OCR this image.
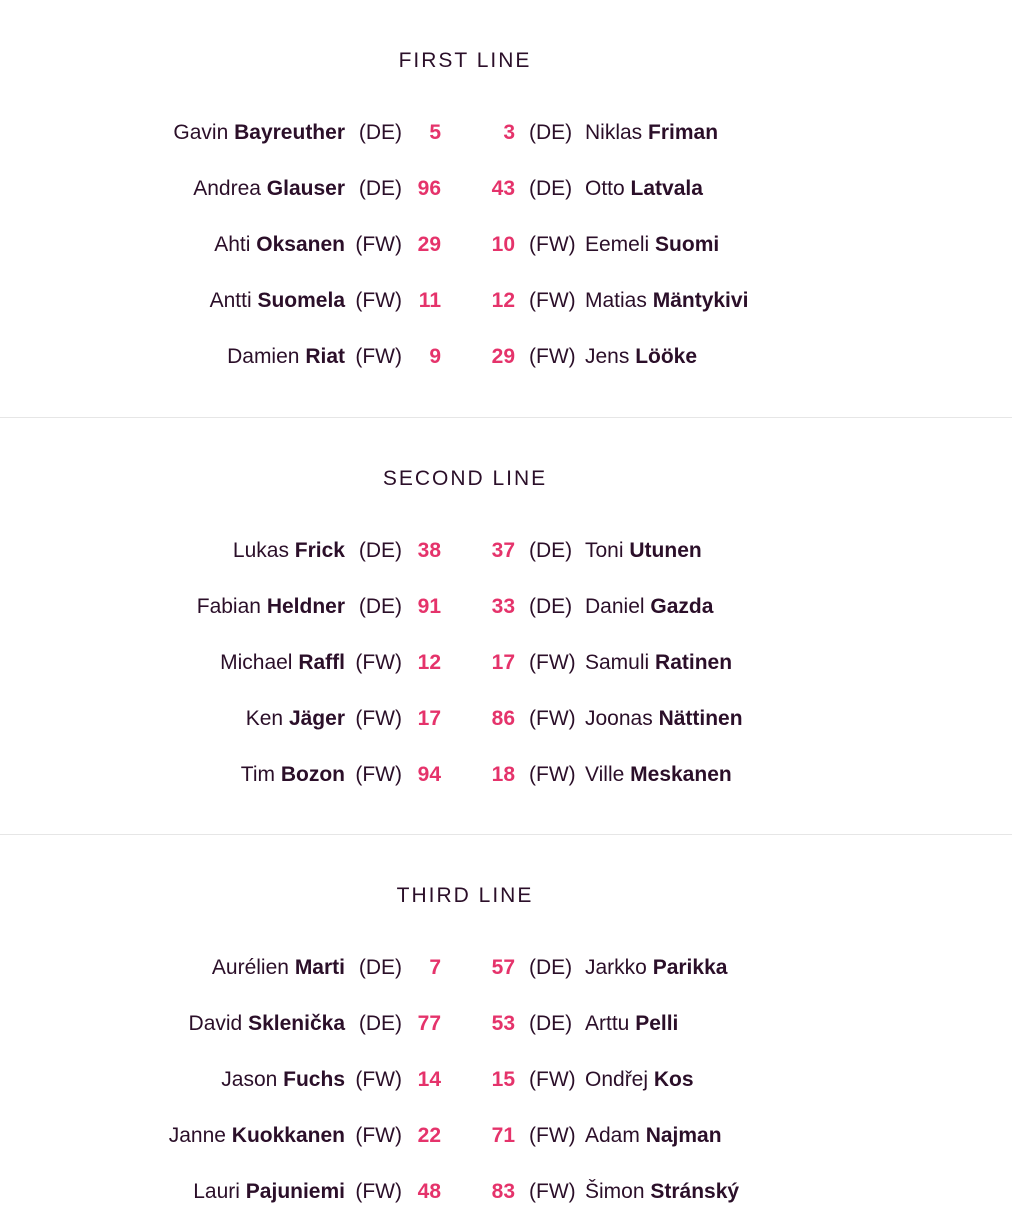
FIRST LINE
Gavin Bayreuther (DE)	5	3 (DE) Niklas Friman
Andrea Glauser (DE) 96	43 (DE) Otto Latvala
Ahti Oksanen (FW) 29	10 (FW) Eemeli Suomi
Antti Suomela (FW) 11	12 (FW) Matias Mäntykivi
Damien Riat (FW)	9	29 (FW) Jens Lööke
SECOND LINE
Lukas Frick (DE) 38	37 (DE) Toni Utunen
Fabian Heldner (DE) 91	33 (DE) Daniel Gazda
Michael Raffl (FW) 12	17 (FW) Samuli Ratinen
Ken Jäger (FW) 17	86 (FW) Joonas Nättinen
Tim Bozon (FW) 94	18 (FW) Ville Meskanen
THIRD LINE
Aurélien Marti (DE)	7	57 (DE) Jarkko Parikka
David Sklenička (DE) 77	53 (DE) Arttu Pelli
Jason Fuchs (FW) 14	15 (FW) Ondřej Kos
Janne Kuokkanen (FW) 22	71 (FW) Adam Najman
Lauri Pajuniemi (FW) 48	83 (FW) Šimon Stránský
